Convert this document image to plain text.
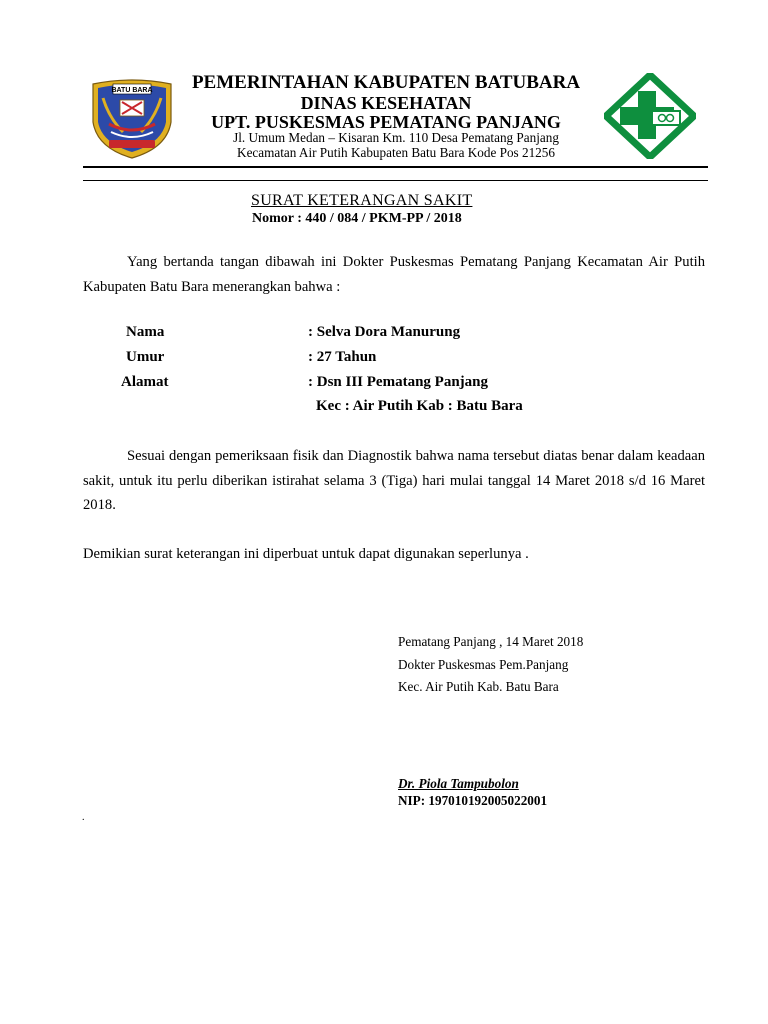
BATU BARA	PEMERINTAHAN KABUPATEN BATUBARA
DINAS KESEHATAN
UPT. PUSKESMAS PEMATANG PANJANG
Jl. Umum Medan – Kisaran Km. 110 Desa Pematang Panjang
Kecamatan Air Putih Kabupaten Batu Bara Kode Pos 21256
SURAT KETERANGAN SAKIT
Nomor : 440 / 084 / PKM-PP / 2018
Yang bertanda tangan dibawah ini Dokter Puskesmas Pematang Panjang Kecamatan Air Putih Kabupaten Batu Bara menerangkan bahwa :
Nama	: Selva Dora Manurung
Umur	: 27 Tahun
Alamat	: Dsn III Pematang Panjang
Kec : Air Putih Kab : Batu Bara
Sesuai dengan pemeriksaan fisik dan Diagnostik bahwa nama tersebut diatas benar dalam keadaan sakit, untuk itu perlu diberikan istirahat selama 3 (Tiga) hari mulai tanggal 14 Maret 2018 s/d 16 Maret 2018.
Demikian surat keterangan ini diperbuat untuk dapat digunakan seperlunya .
Pematang Panjang , 14 Maret 2018
Dokter Puskesmas Pem.Panjang
Kec. Air Putih Kab. Batu Bara
Dr. Piola Tampubolon
NIP: 197010192005022001
.
